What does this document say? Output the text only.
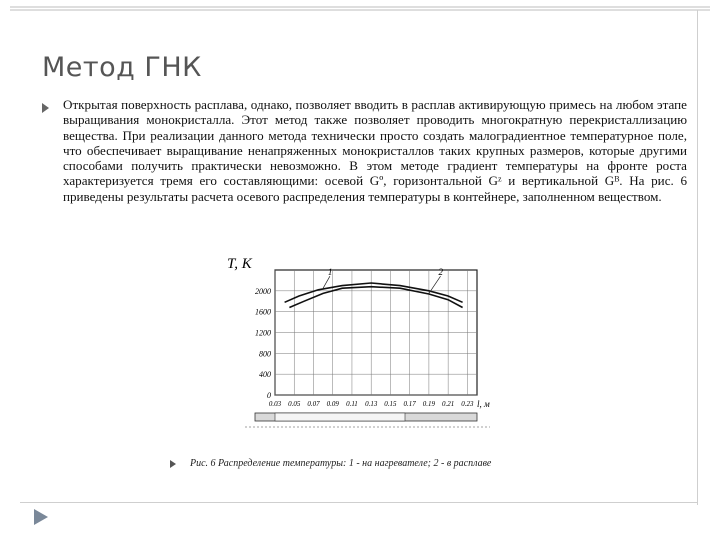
Метод ГНК
Открытая поверхность расплава, однако, позволяет вводить в расплав активирующую примесь на любом этапе выращивания монокристалла. Этот метод также позволяет проводить многократную перекристаллизацию вещества. При реализации данного метода технически просто создать малоградиентное температурное поле, что обеспечивает выращивание ненапряженных монокристаллов таких крупных размеров, которые другими способами получить практически невозможно. В этом методе градиент температуры на фронте роста характеризуется тремя его составляющими: осевой Gº, горизонтальной Gᶻ и вертикальной Gᴮ. На рис. 6 приведены результаты расчета осевого распределения температуры в контейнере, заполненном веществом.
0
400
800
1200
1600
2000
0.03 0.05 0.07 0.09 0.11 0.13 0.15 0.17 0.19 0.21 0.23
1	2
T, K
l, м
Рис. 6 Распределение температуры: 1 - на нагревателе; 2 - в расплаве
